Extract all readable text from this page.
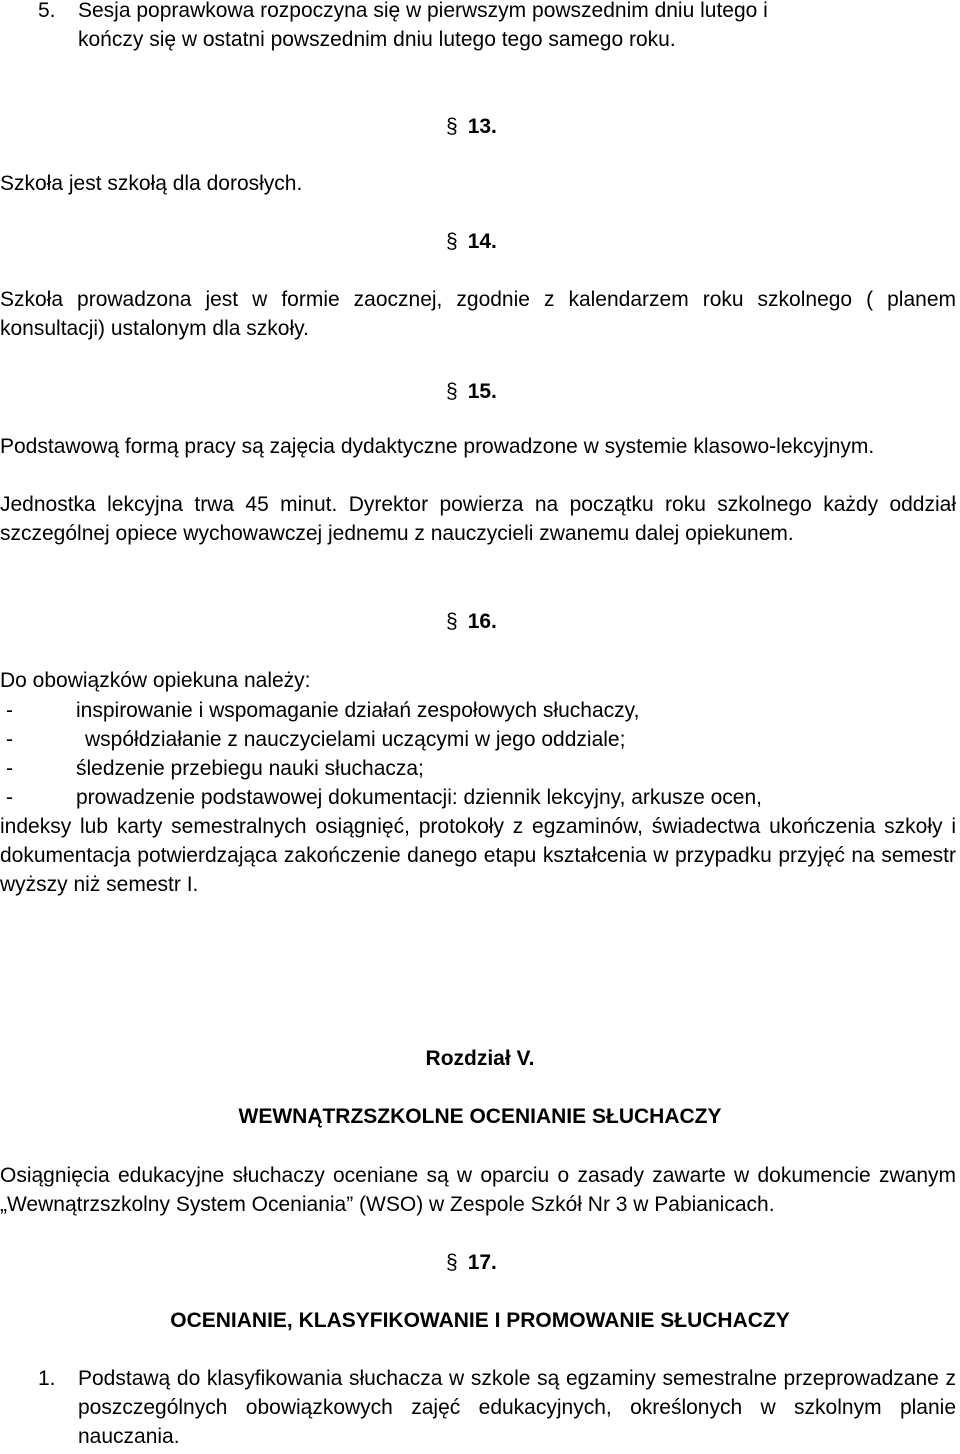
5. Sesja poprawkowa rozpoczyna się w pierwszym powszednim dniu lutego i
kończy się w ostatni powszednim dniu lutego tego samego roku.
§ 13.

Szkoła jest szkołą dla dorosłych.

§ 14.

Szkoła prowadzona jest w formie zaocznej, zgodnie z kalendarzem roku szkolnego ( planem konsultacji) ustalonym dla szkoły.

§ 15.

Podstawową formą pracy są zajęcia dydaktyczne prowadzone w systemie klasowo-lekcyjnym.

Jednostka lekcyjna trwa 45 minut. Dyrektor powierza na początku roku szkolnego każdy oddział szczególnej opiece wychowawczej jednemu z nauczycieli zwanemu dalej opiekunem.

§ 16.

Do obowiązków opiekuna należy:

-	inspirowanie i wspomaganie działań zespołowych słuchaczy,
-	współdziałanie z nauczycielami uczącymi w jego oddziale;
-	śledzenie przebiegu nauki słuchacza;
-	prowadzenie podstawowej dokumentacji: dziennik lekcyjny, arkusze ocen,

indeksy lub karty semestralnych osiągnięć, protokoły z egzaminów, świadectwa ukończenia szkoły i dokumentacja potwierdzająca zakończenie danego etapu kształcenia w przypadku przyjęć na semestr wyższy niż semestr I.

Rozdział V.

WEWNĄTRZSZKOLNE OCENIANIE SŁUCHACZY

Osiągnięcia edukacyjne słuchaczy oceniane są w oparciu o zasady zawarte w dokumencie zwanym „Wewnątrzszkolny System Oceniania” (WSO) w Zespole Szkół Nr 3 w Pabianicach.

§ 17.

OCENIANIE, KLASYFIKOWANIE I PROMOWANIE SŁUCHACZY

1. Podstawą do klasyfikowania słuchacza w szkole są egzaminy semestralne przeprowadzane z poszczególnych obowiązkowych zajęć edukacyjnych, określonych w szkolnym planie nauczania.
